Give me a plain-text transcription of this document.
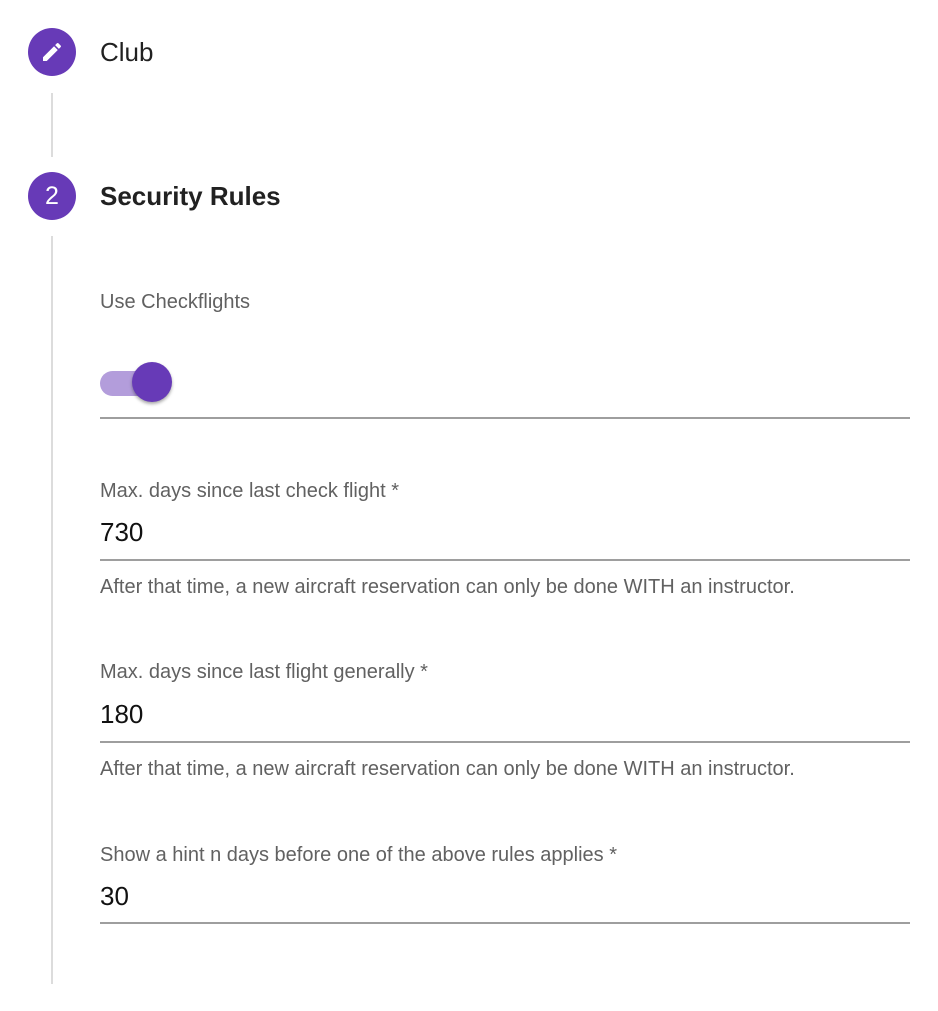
Club
2 Security Rules
Use Checkflights
Max. days since last check flight *
730
After that time, a new aircraft reservation can only be done WITH an instructor.
Max. days since last flight generally *
180
After that time, a new aircraft reservation can only be done WITH an instructor.
Show a hint n days before one of the above rules applies *
30
